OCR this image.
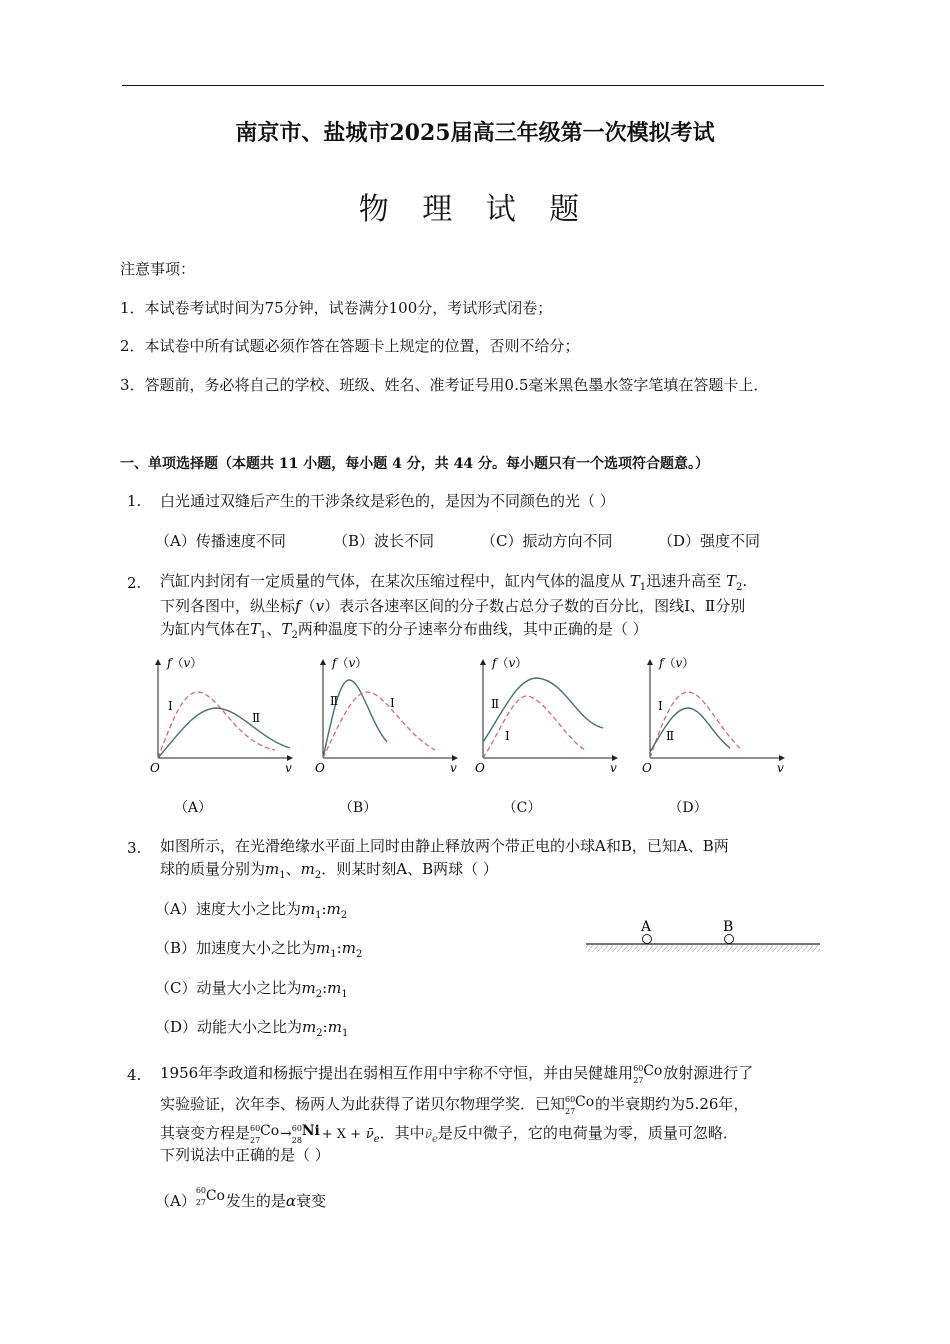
南京市、盐城市2025届高三年级第一次模拟考试
物 理 试 题
注意事项：
1．本试卷考试时间为75分钟，试卷满分100分，考试形式闭卷；
2．本试卷中所有试题必须作答在答题卡上规定的位置，否则不给分；
3．答题前，务必将自己的学校、班级、姓名、准考证号用0.5毫米黑色墨水签字笔填在答题卡上．
一、单项选择题（本题共 11 小题，每小题 4 分，共 44 分。每小题只有一个选项符合题意。）
1. 白光通过双缝后产生的干涉条纹是彩色的，是因为不同颜色的光（ ）
（A）传播速度不同	（B）波长不同	（C）振动方向不同	（D）强度不同
2. 汽缸内封闭有一定质量的气体，在某次压缩过程中，缸内气体的温度从 $T_1$迅速升高至 $T_2$.
下列各图中，纵坐标f（v）表示各速率区间的分子数占总分子数的百分比，图线Ⅰ、Ⅱ分别
为缸内气体在$T_1$、$T_2$两种温度下的分子速率分布曲线，其中正确的是（ ）
f（v）
O	v
Ⅰ
Ⅱ
f（v）
O	v
Ⅱ	Ⅰ
f（v）
O	v
Ⅱ
Ⅰ
f（v）
O	v
Ⅰ
Ⅱ
（A）	（B）	（C）	（D）
3. 如图所示，在光滑绝缘水平面上同时由静止释放两个带正电的小球A和B，已知A、B两
球的质量分别为$m_1$、$m_2$．则某时刻A、B两球（ ）
（A）速度大小之比为$m_1:m_2$
（B）加速度大小之比为$m_1:m_2$
（C）动量大小之比为$m_2:m_1$
（D）动能大小之比为$m_2:m_1$
A	B
4. 1956年李政道和杨振宁提出在弱相互作用中宇称不守恒，并由吴健雄用 60
27
Co 放射源进行了
实验验证，次年李、杨两人为此获得了诺贝尔物理学奖．已知 60
27
Co 的半衰期约为5.26年，
其衰变方程是 60
27
Co → 60
28
$Ni + X + \nū_e$．其中$\nū_e$是反中微子，它的电荷量为零，质量可忽略．
下列说法中正确的是（ ）
（A）
60
27 Co 发生的是α衰变
